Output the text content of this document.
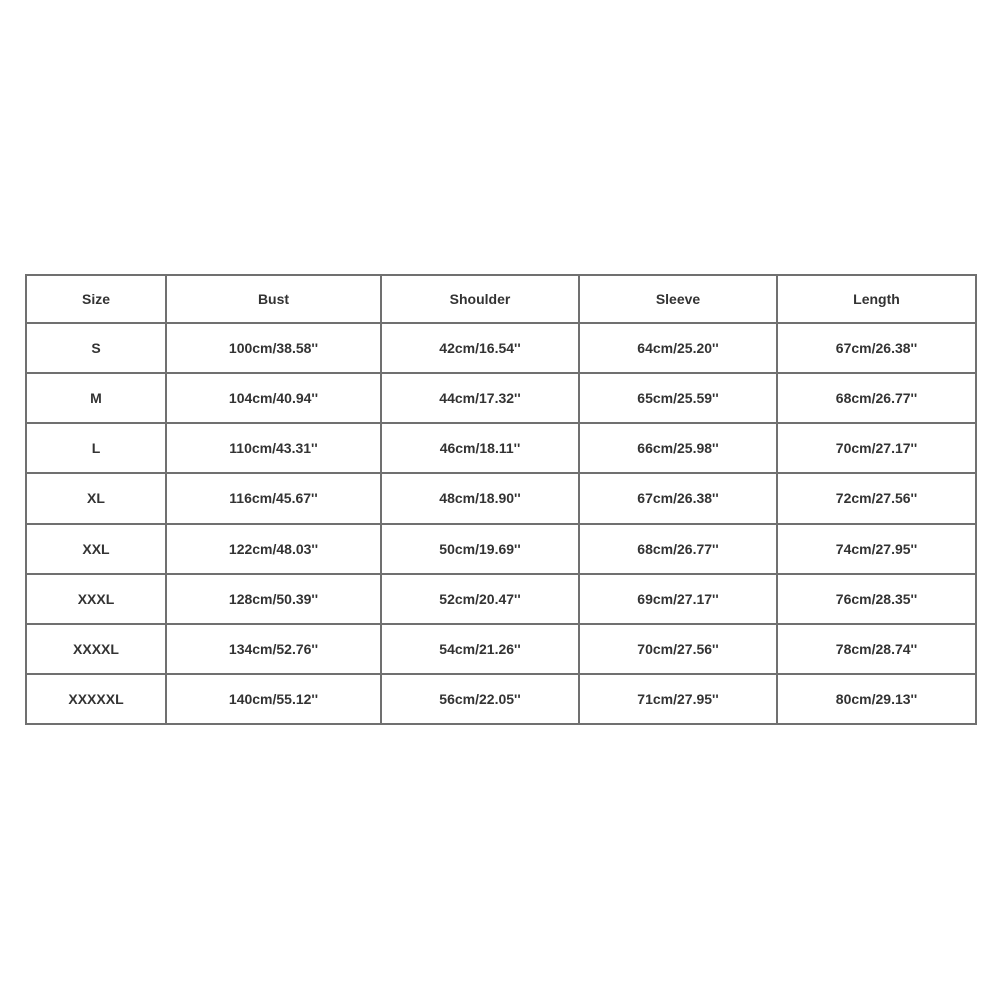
Size	Bust	Shoulder	Sleeve	Length
S	100cm/38.58''	42cm/16.54''	64cm/25.20''	67cm/26.38''
M	104cm/40.94''	44cm/17.32''	65cm/25.59''	68cm/26.77''
L	110cm/43.31''	46cm/18.11''	66cm/25.98''	70cm/27.17''
XL	116cm/45.67''	48cm/18.90''	67cm/26.38''	72cm/27.56''
XXL	122cm/48.03''	50cm/19.69''	68cm/26.77''	74cm/27.95''
XXXL	128cm/50.39''	52cm/20.47''	69cm/27.17''	76cm/28.35''
XXXXL	134cm/52.76''	54cm/21.26''	70cm/27.56''	78cm/28.74''
XXXXXL	140cm/55.12''	56cm/22.05''	71cm/27.95''	80cm/29.13''
